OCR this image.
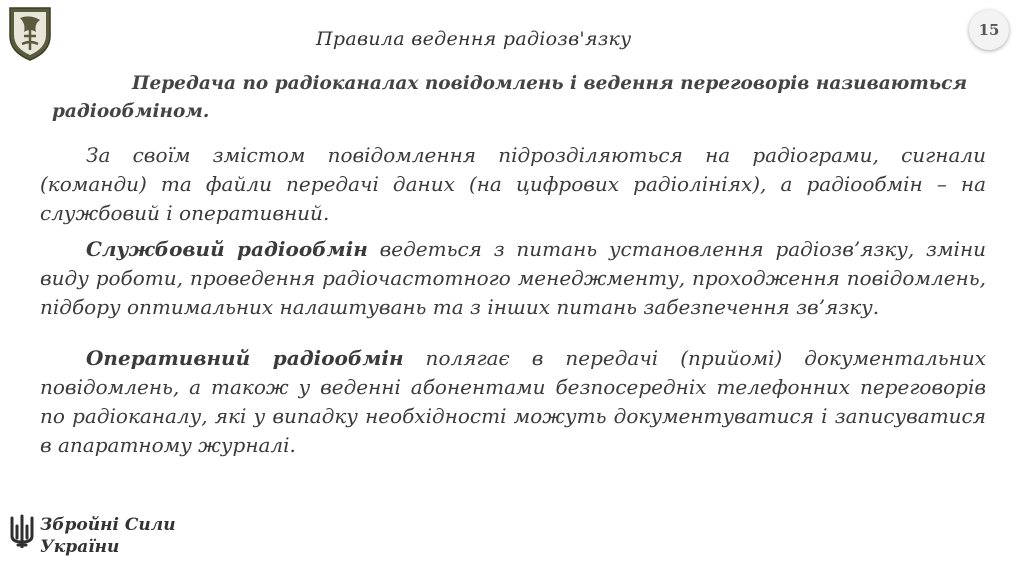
15
Правила ведення радіозв'язку
Передача по радіоканалах повідомлень і ведення переговорів називаються радіообміном.
За своїм змістом повідомлення підрозділяються на радіограми, сигнали (команди) та файли передачі даних (на цифрових радіолініях), а радіообмін – на службовий і оперативний.
Службовий радіообмін ведеться з питань установлення радіозв’язку, зміни виду роботи, проведення радіочастотного менеджменту, проходження повідомлень, підбору оптимальних налаштувань та з інших питань забезпечення зв’язку.
Оперативний радіообмін полягає в передачі (прийомі) документальних повідомлень, а також у веденні абонентами безпосередніх телефонних переговорів по радіоканалу, які у випадку необхідності можуть документуватися і записуватися в апаратному журналі.
Збройні Сили
України
